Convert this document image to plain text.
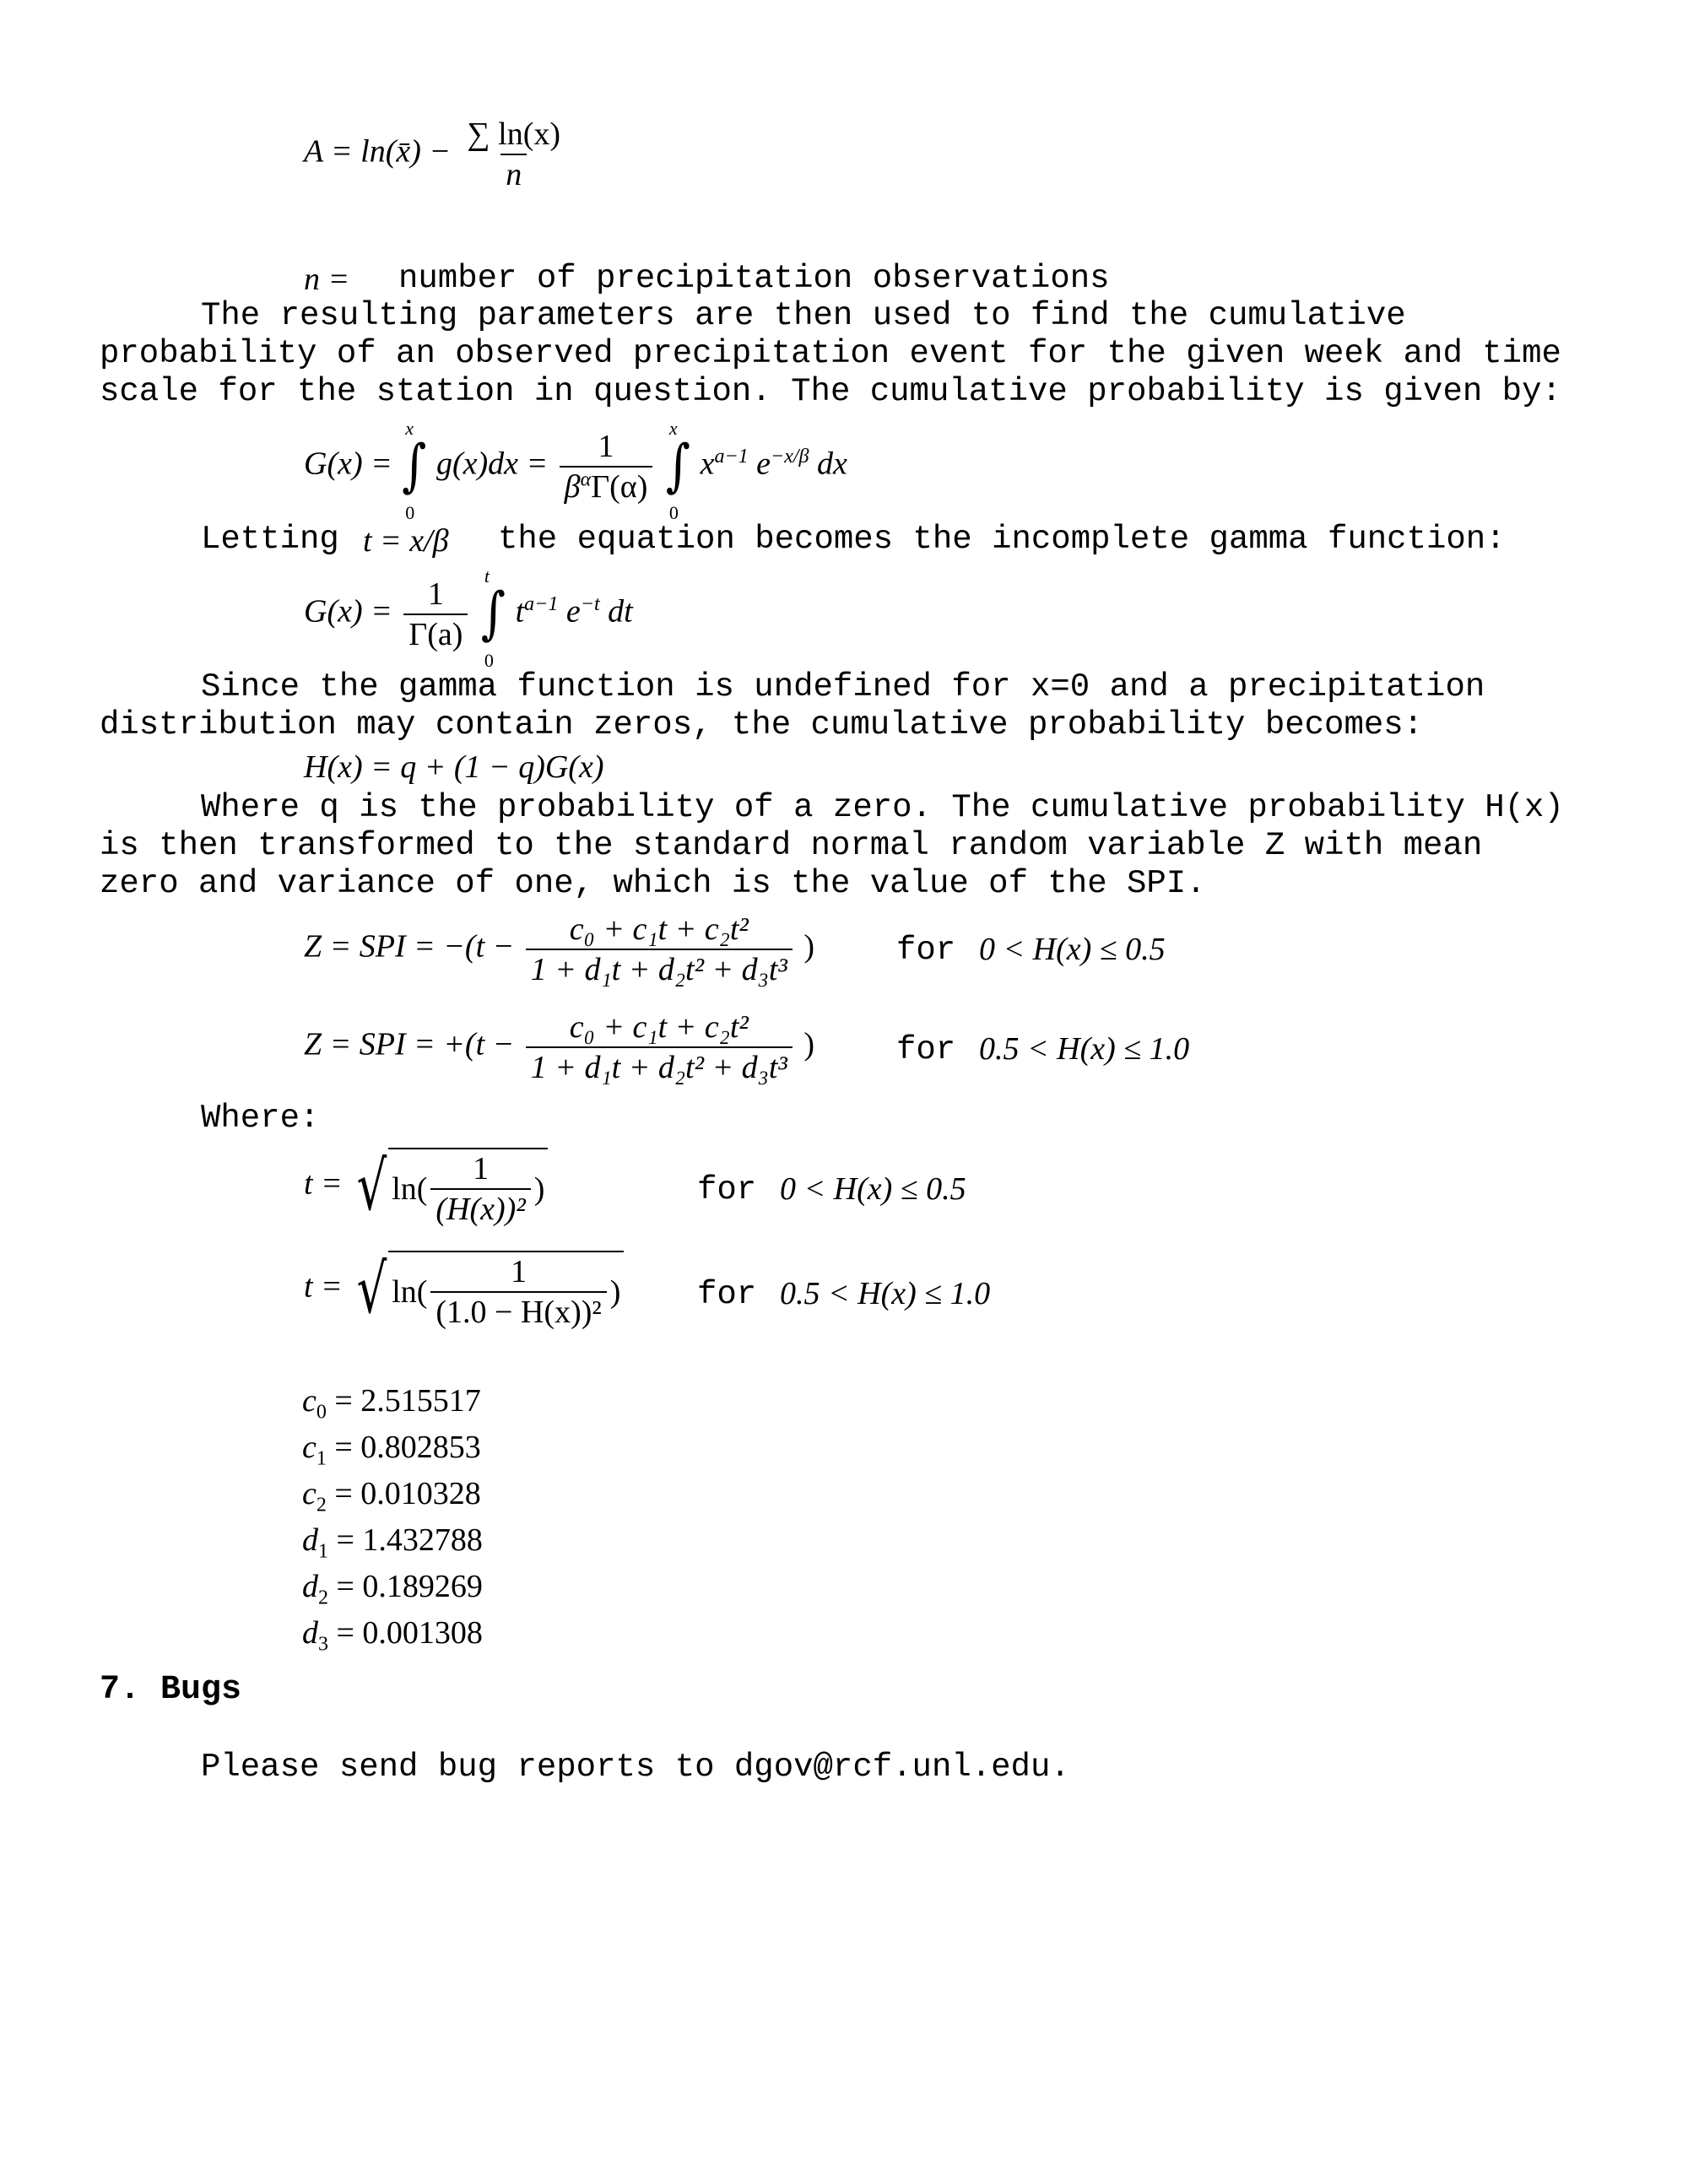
A = ln(x̄) − $\frac{\sum \ln(x)}{n}$
n = number of precipitation observations
The resulting parameters are then used to find the cumulative
probability of an observed precipitation event for the given week and time
scale for the station in question. The cumulative probability is given by:
G(x) = ∫
x
0
$g(x)dx = \frac{1}{\beta^\alpha\Gamma(\alpha)}$ ∫
x
0
$x^{a-1}$ $e^{-x/\beta}$ dx
Letting t = x/β the equation becomes the incomplete gamma function:
$G(x) = \frac{1}{\Gamma(a)}$ ∫
t
0
$t^{a-1}$ $e^{-t}$ dt
Since the gamma function is undefined for x=0 and a precipitation
distribution may contain zeros, the cumulative probability becomes:
H(x) = q + (1 − q)G(x)
Where q is the probability of a zero. The cumulative probability H(x)
is then transformed to the standard normal random variable Z with mean
zero and variance of one, which is the value of the SPI.
Z = SPI = $-(t - \frac{\text{c₀ + c₁t + c₂t²}}{\text{1 + d₁t + d₂t² + d₃t³}}$ ) for 0 < H(x) ≤ 0.5
Z = SPI = $+(t - \frac{\text{c₀ + c₁t + c₂t²}}{\text{1 + d₁t + d₂t² + d₃t³}}$ ) for 0.5 < H(x) ≤ 1.0
Where:
t = √ $\ln( \frac{1}{\text{(H(x))²}}$ )	for 0 < H(x) ≤ 0.5
t = √ $\ln( \frac{1}{\text{(1.0 − H(x))²}}$ ) for 0.5 < H(x) ≤ 1.0
$c_0 = 2.515517$
$c_1 = 0.802853$
$c_2 = 0.010328$
$d_1 = 1.432788$
$d_2 = 0.189269$
$d_3 = 0.001308$
7. Bugs
Please send bug reports to dgov@rcf.unl.edu.
